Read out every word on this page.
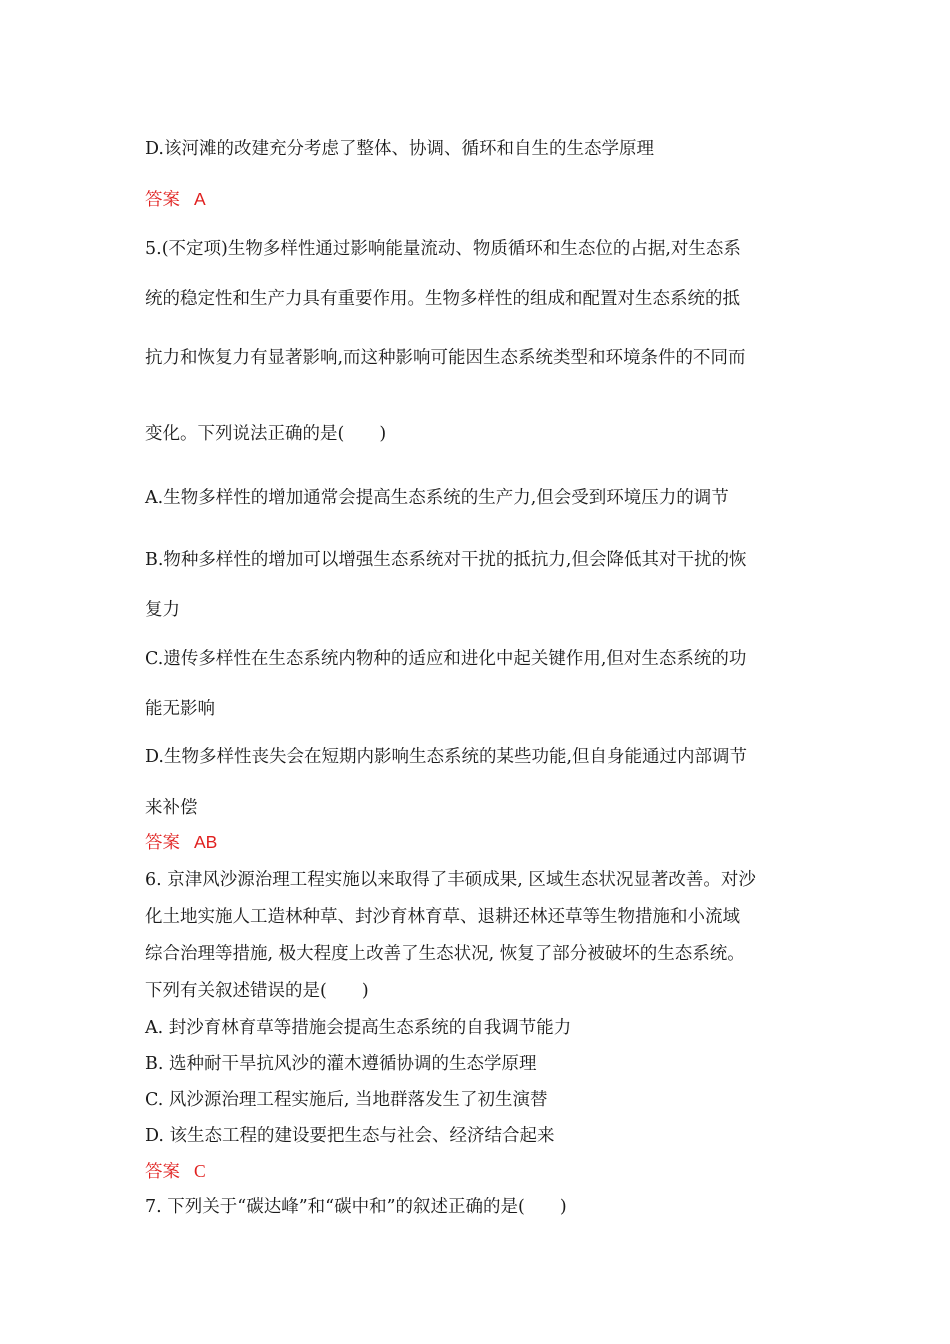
D.该河滩的改建充分考虑了整体、协调、循环和自生的生态学原理
答案 A
5.(不定项)生物多样性通过影响能量流动、物质循环和生态位的占据,对生态系
统的稳定性和生产力具有重要作用。生物多样性的组成和配置对生态系统的抵
抗力和恢复力有显著影响,而这种影响可能因生态系统类型和环境条件的不同而
变化。下列说法正确的是(　　)
A.生物多样性的增加通常会提高生态系统的生产力,但会受到环境压力的调节
B.物种多样性的增加可以增强生态系统对干扰的抵抗力,但会降低其对干扰的恢
复力
C.遗传多样性在生态系统内物种的适应和进化中起关键作用,但对生态系统的功
能无影响
D.生物多样性丧失会在短期内影响生态系统的某些功能,但自身能通过内部调节
来补偿
答案 AB
6. 京津风沙源治理工程实施以来取得了丰硕成果, 区域生态状况显著改善。对沙
化土地实施人工造林种草、封沙育林育草、退耕还林还草等生物措施和小流域
综合治理等措施, 极大程度上改善了生态状况, 恢复了部分被破坏的生态系统。
下列有关叙述错误的是(　　)
A. 封沙育林育草等措施会提高生态系统的自我调节能力
B. 选种耐干旱抗风沙的灌木遵循协调的生态学原理
C. 风沙源治理工程实施后, 当地群落发生了初生演替
D. 该生态工程的建设要把生态与社会、经济结合起来
答案 C
7. 下列关于“碳达峰”和“碳中和”的叙述正确的是(　　)
